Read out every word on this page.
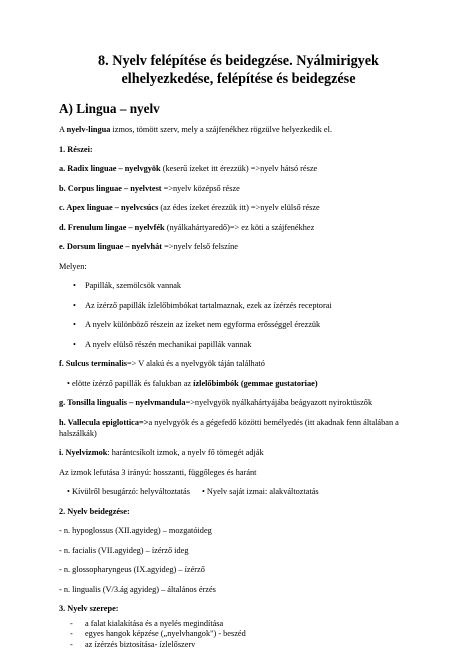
8. Nyelv felépítése és beidegzése. Nyálmirigyek elhelyezkedése, felépítése és beidegzése
A) Lingua – nyelv

A nyelv-lingua izmos, tömött szerv, mely a szájfenékhez rögzülve helyezkedik el.

1. Részei:

a. Radix linguae – nyelvgyök (keserű ízeket itt érezzük) =>nyelv hátsó része

b. Corpus linguae – nyelvtest =>nyelv középső része

c. Apex linguae – nyelvcsúcs (az édes ízeket érezzük itt) =>nyelv elülső része

d. Frenulum lingae – nyelvfék (nyálkahártyaredő)=> ez köti a szájfenékhez

e. Dorsum linguae – nyelvhát =>nyelv felső felszíne

Melyen:

• Papillák, szemölcsök vannak
• Az ízérző papillák ízlelőbimbókat tartalmaznak, ezek az ízérzés receptorai
• A nyelv különböző részein az ízeket nem egyforma erősséggel érezzük
• A nyelv elülső részén mechanikai papillák vannak

f. Sulcus terminalis=> V alakú és a nyelvgyök táján található

• elötte ízérző papillák és falukban az ízlelőbimbók (gemmae gustatoriae)

g. Tonsilla lingualis – nyelvmandula=>nyelvgyök nyálkahártyájába beágyazott nyiroktüszők

h. Vallecula epiglottica=>a nyelvgyök és a gégefedő közötti bemélyedés (itt akadnak fenn általában a halszálkák)

i. Nyelvizmok: harántcsíkolt izmok, a nyelv fő tömegét adják

Az izmok lefutása 3 irányú: hosszanti, függőleges és haránt

• Kívülről besugárzó: helyváltoztatás • Nyelv saját izmai: alakváltoztatás

2. Nyelv beidegzése:

- n. hypoglossus (XII.agyideg) – mozgatóideg

- n. facialis (VII.agyideg) – ízérző ideg

- n. glossopharyngeus (IX.agyideg) – ízérző

- n. lingualis (V/3.ág agyideg) – általános érzés

3. Nyelv szerepe:

- a falat kialakítása és a nyelés megindítása
- egyes hangok képzése („nyelvhangok") - beszéd
- az ízérzés biztosítása- ízlelőszerv
